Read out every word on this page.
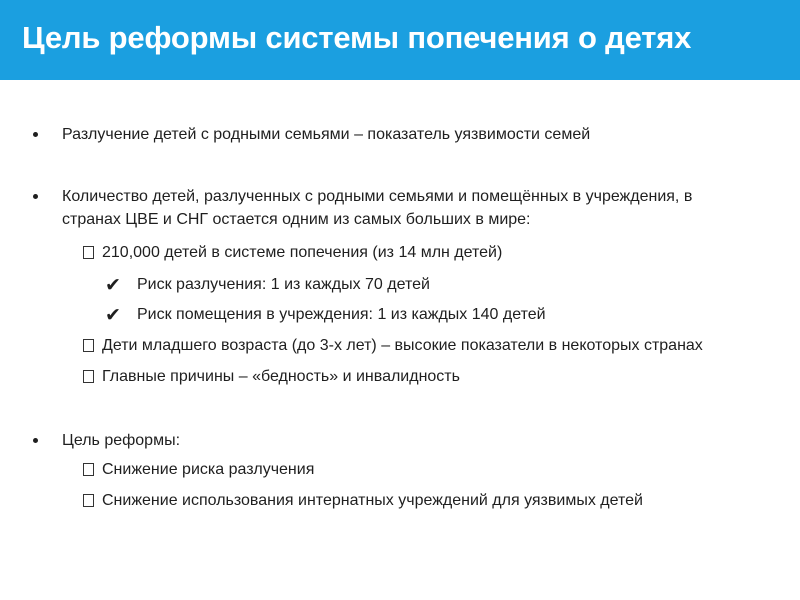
Цель реформы системы попечения о детях
Разлучение детей с родными семьями – показатель уязвимости семей
Количество детей, разлученных с родными семьями и помещённых в учреждения, в
странах ЦВЕ и СНГ остается одним из самых больших в мире:
210,000 детей в системе попечения (из 14 млн детей)
✔ Риск разлучения: 1 из каждых 70 детей
✔ Риск помещения в учреждения: 1 из каждых 140 детей
Дети младшего возраста (до 3-х лет) – высокие показатели в некоторых странах
Главные причины – «бедность» и инвалидность
Цель реформы:
Снижение риска разлучения
Снижение использования интернатных учреждений для уязвимых детей
